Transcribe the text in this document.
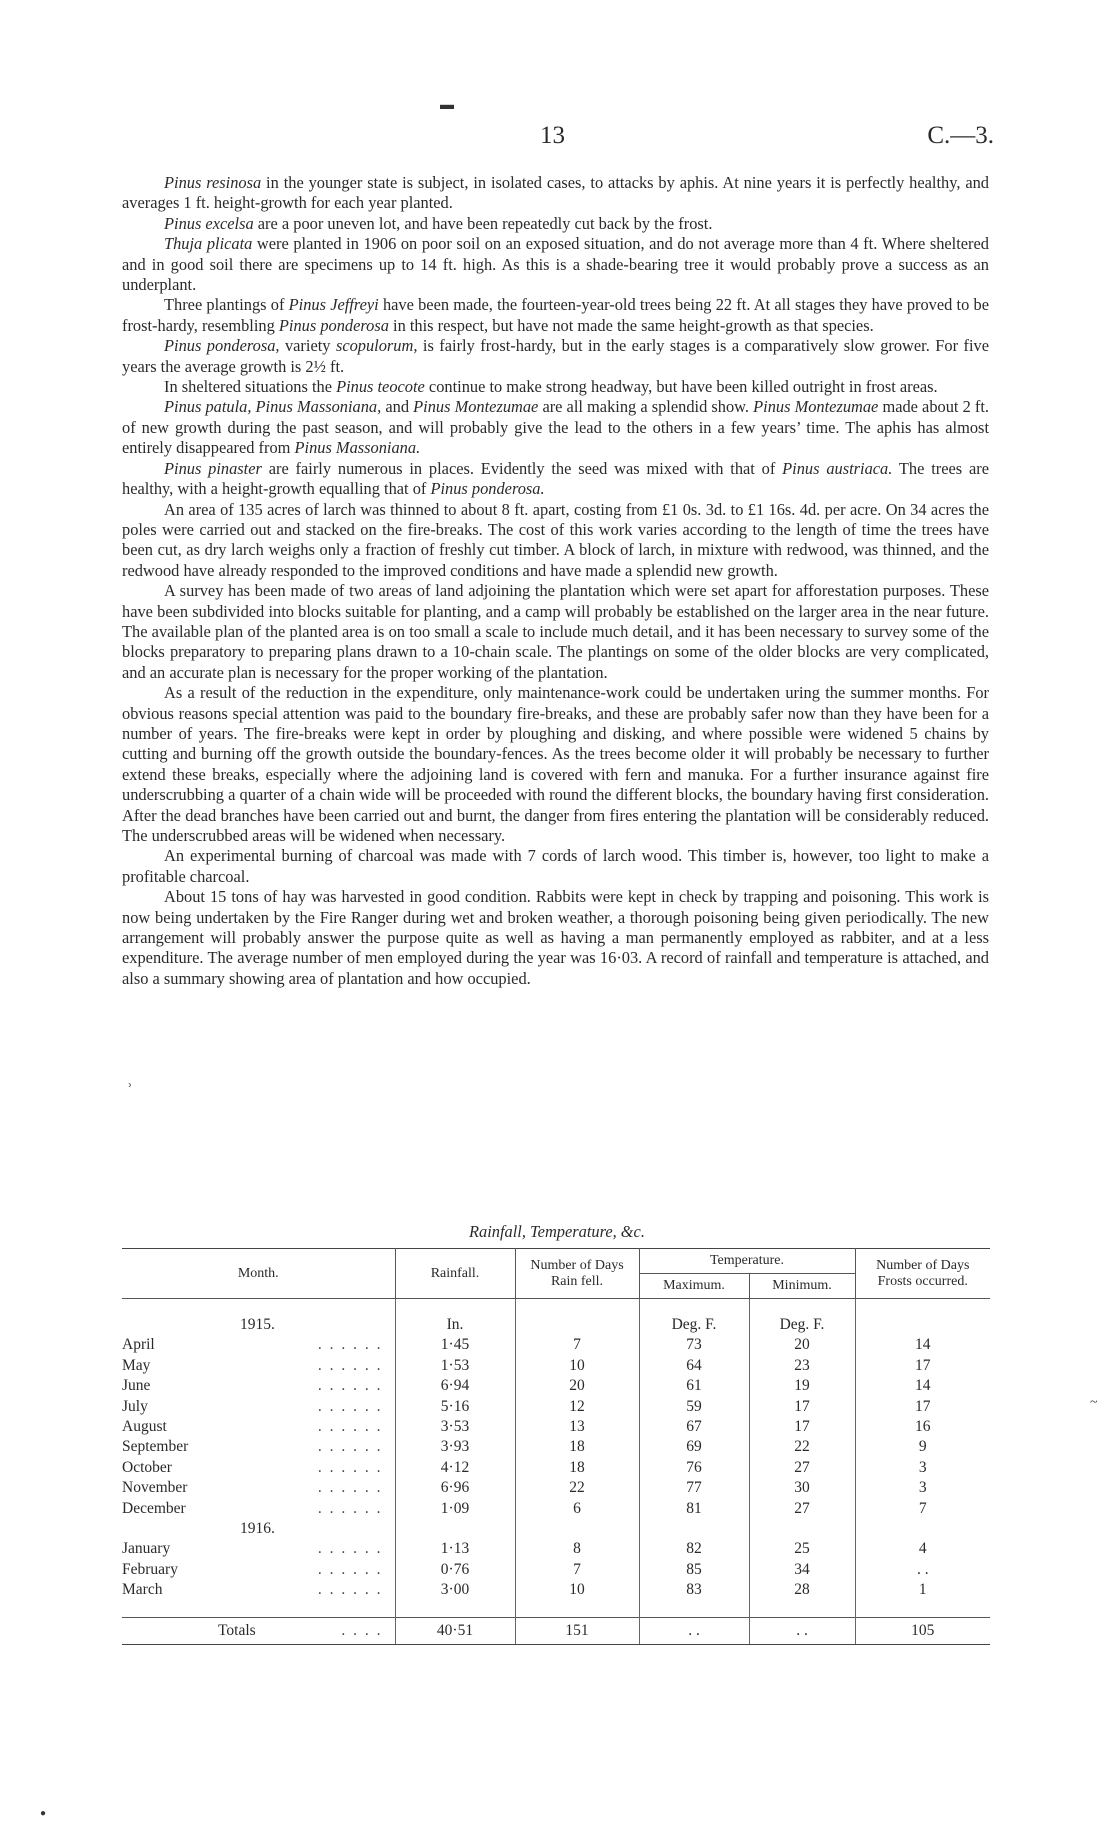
13	C.—3.
▬

Pinus resinosa in the younger state is subject, in isolated cases, to attacks by aphis. At nine years it is perfectly healthy, and averages 1 ft. height-growth for each year planted.

Pinus excelsa are a poor uneven lot, and have been repeatedly cut back by the frost.

Thuja plicata were planted in 1906 on poor soil on an exposed situation, and do not average more than 4 ft. Where sheltered and in good soil there are specimens up to 14 ft. high. As this is a shade-bearing tree it would probably prove a success as an underplant.

Three plantings of Pinus Jeffreyi have been made, the fourteen-year-old trees being 22 ft. At all stages they have proved to be frost-hardy, resembling Pinus ponderosa in this respect, but have not made the same height-growth as that species.

Pinus ponderosa, variety scopulorum, is fairly frost-hardy, but in the early stages is a comparatively slow grower. For five years the average growth is 2½ ft.

In sheltered situations the Pinus teocote continue to make strong headway, but have been killed outright in frost areas.

Pinus patula, Pinus Massoniana, and Pinus Montezumae are all making a splendid show. Pinus Montezumae made about 2 ft. of new growth during the past season, and will probably give the lead to the others in a few years’ time. The aphis has almost entirely disappeared from Pinus Massoniana.

Pinus pinaster are fairly numerous in places. Evidently the seed was mixed with that of Pinus austriaca. The trees are healthy, with a height-growth equalling that of Pinus ponderosa.

An area of 135 acres of larch was thinned to about 8 ft. apart, costing from £1 0s. 3d. to £1 16s. 4d. per acre. On 34 acres the poles were carried out and stacked on the fire-breaks. The cost of this work varies according to the length of time the trees have been cut, as dry larch weighs only a fraction of freshly cut timber. A block of larch, in mixture with redwood, was thinned, and the redwood have already responded to the improved conditions and have made a splendid new growth.

A survey has been made of two areas of land adjoining the plantation which were set apart for afforestation purposes. These have been subdivided into blocks suitable for planting, and a camp will probably be established on the larger area in the near future. The available plan of the planted area is on too small a scale to include much detail, and it has been necessary to survey some of the blocks preparatory to preparing plans drawn to a 10-chain scale. The plantings on some of the older blocks are very complicated, and an accurate plan is necessary for the proper working of the plantation.

As a result of the reduction in the expenditure, only maintenance-work could be undertaken uring the summer months. For obvious reasons special attention was paid to the boundary fire-breaks, and these are probably safer now than they have been for a number of years. The fire-breaks were kept in order by ploughing and disking, and where possible were widened 5 chains by cutting and burning off the growth outside the boundary-fences. As the trees become older it will probably be necessary to further extend these breaks, especially where the adjoining land is covered with fern and manuka. For a further insurance against fire underscrubbing a quarter of a chain wide will be proceeded with round the different blocks, the boundary having first consideration. After the dead branches have been carried out and burnt, the danger from fires entering the plantation will be considerably reduced. The underscrubbed areas will be widened when necessary.

An experimental burning of charcoal was made with 7 cords of larch wood. This timber is, however, too light to make a profitable charcoal.

About 15 tons of hay was harvested in good condition. Rabbits were kept in check by trapping and poisoning. This work is now being undertaken by the Fire Ranger during wet and broken weather, a thorough poisoning being given periodically. The new arrangement will probably answer the purpose quite as well as having a man permanently employed as rabbiter, and at a less expenditure. The average number of men employed during the year was 16·03. A record of rainfall and temperature is attached, and also a summary showing area of plantation and how occupied.

Rainfall, Temperature, &c.
Month.	Rainfall.	Number of Days Rain fell.	Temperature.		Number of Days Frosts occurred.
			Maximum.	Minimum.	

1915.	In.		Deg. F.	Deg. F.	

. . . . . .
April	1·45	7	73	20	14

. . . . . .
May	1·53	10	64	23	17

. . . . . .
June	6·94	20	61	19	14

. . . . . .
July	5·16	12	59	17	17

. . . . . .
August	3·53	13	67	17	16

. . . . . .
September	3·93	18	69	22	9

. . . . . .
October	4·12	18	76	27	3

. . . . . .
November	6·96	22	77	30	3

. . . . . .
December	1·09	6	81	27	7
1916.					

. . . . . .
January	1·13	8	82	25	4

. . . . . .
February	0·76	7	85	34	. .

. . . . . .
March	3·00	10	83	28	1

. . . .
Totals	40·51	151	. .	. .	105
⸒
~
●
